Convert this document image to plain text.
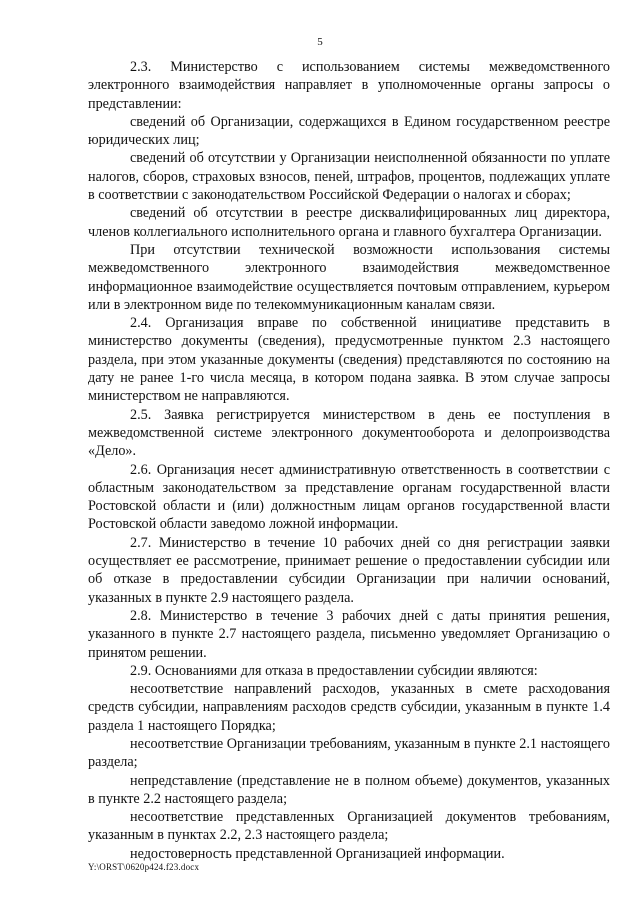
5

2.3. Министерство с использованием системы межведомственного электронного взаимодействия направляет в уполномоченные органы запросы о представлении:

сведений об Организации, содержащихся в Едином государственном реестре юридических лиц;

сведений об отсутствии у Организации неисполненной обязанности по уплате налогов, сборов, страховых взносов, пеней, штрафов, процентов, подлежащих уплате в соответствии с законодательством Российской Федерации о налогах и сборах;

сведений об отсутствии в реестре дисквалифицированных лиц директора, членов коллегиального исполнительного органа и главного бухгалтера Организации.

При отсутствии технической возможности использования системы межведомственного электронного взаимодействия межведомственное информационное взаимодействие осуществляется почтовым отправлением, курьером или в электронном виде по телекоммуникационным каналам связи.

2.4. Организация вправе по собственной инициативе представить в министерство документы (сведения), предусмотренные пунктом 2.3 настоящего раздела, при этом указанные документы (сведения) представляются по состоянию на дату не ранее 1-го числа месяца, в котором подана заявка. В этом случае запросы министерством не направляются.

2.5. Заявка регистрируется министерством в день ее поступления в межведомственной системе электронного документооборота и делопроизводства «Дело».

2.6. Организация несет административную ответственность в соответствии с областным законодательством за представление органам государственной власти Ростовской области и (или) должностным лицам органов государственной власти Ростовской области заведомо ложной информации.

2.7. Министерство в течение 10 рабочих дней со дня регистрации заявки осуществляет ее рассмотрение, принимает решение о предоставлении субсидии или об отказе в предоставлении субсидии Организации при наличии оснований, указанных в пункте 2.9 настоящего раздела.

2.8. Министерство в течение 3 рабочих дней с даты принятия решения, указанного в пункте 2.7 настоящего раздела, письменно уведомляет Организацию о принятом решении.

2.9. Основаниями для отказа в предоставлении субсидии являются:

несоответствие направлений расходов, указанных в смете расходования средств субсидии, направлениям расходов средств субсидии, указанным в пункте 1.4 раздела 1 настоящего Порядка;

несоответствие Организации требованиям, указанным в пункте 2.1 настоящего раздела;

непредставление (представление не в полном объеме) документов, указанных в пункте 2.2 настоящего раздела;

несоответствие представленных Организацией документов требованиям, указанным в пунктах 2.2, 2.3 настоящего раздела;

недостоверность представленной Организацией информации.

Y:\ORST\0620p424.f23.docx
